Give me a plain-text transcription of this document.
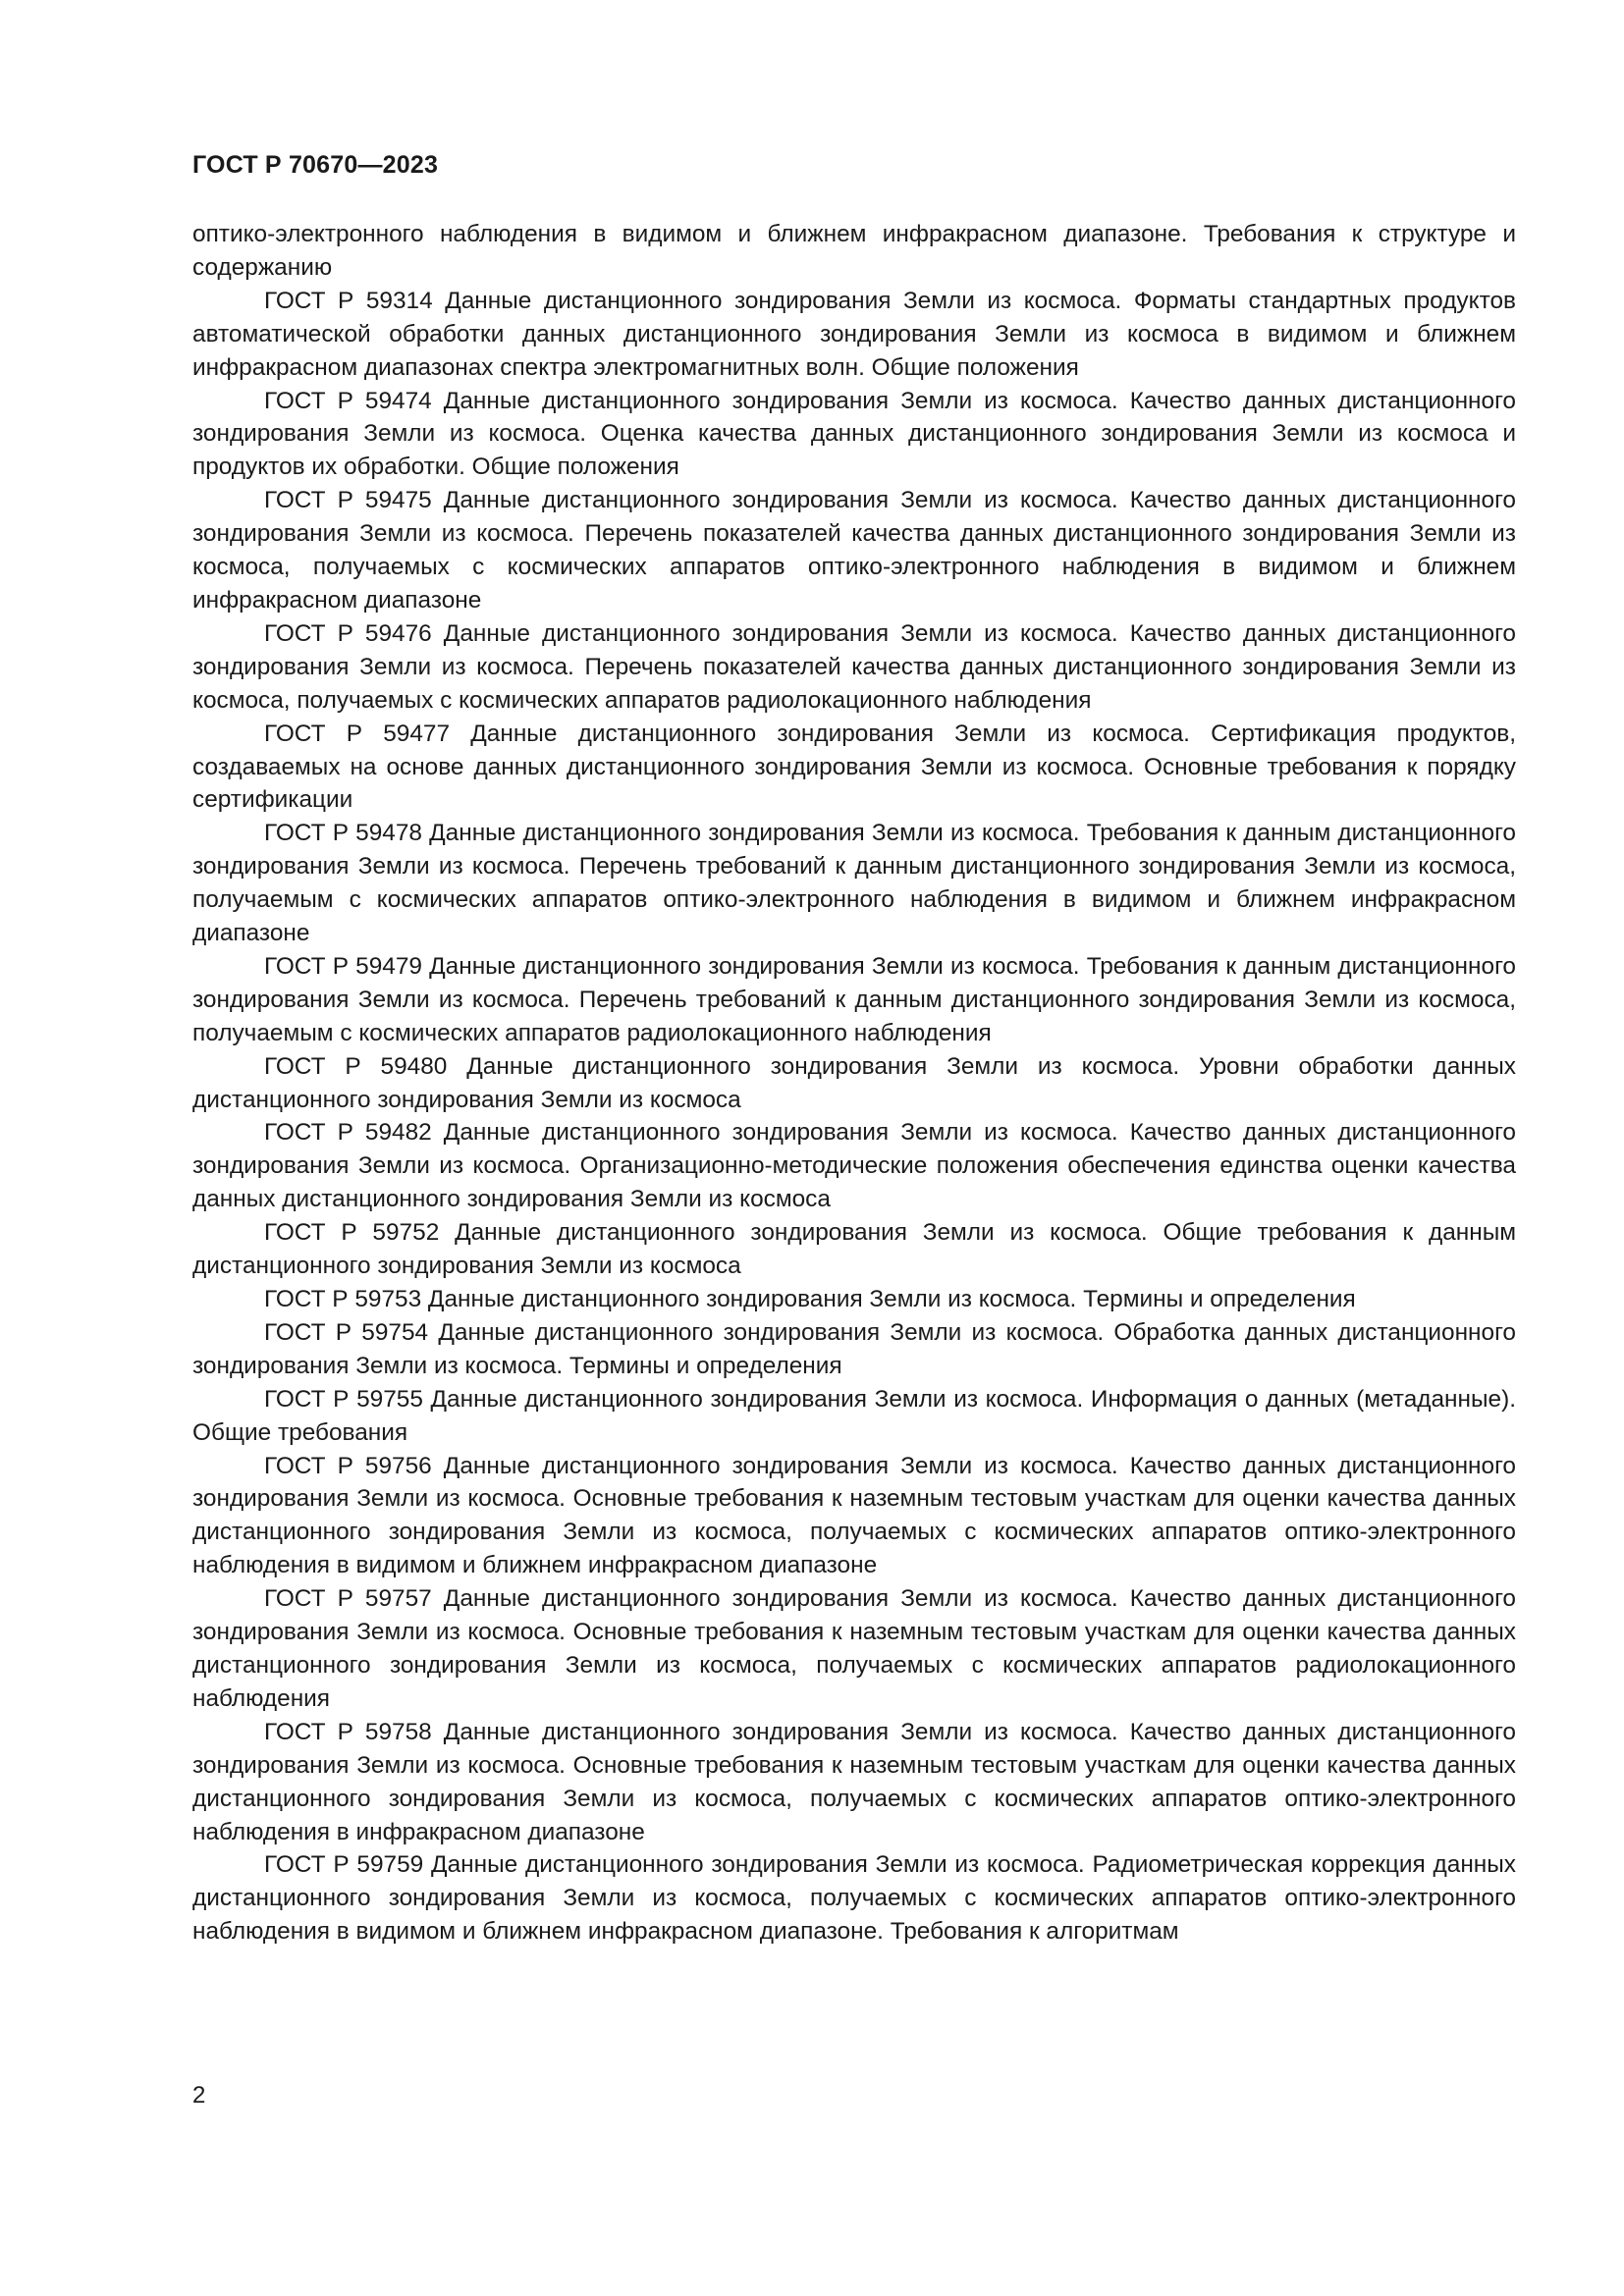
ГОСТ Р 70670—2023

оптико-электронного наблюдения в видимом и ближнем инфракрасном диапазоне. Требования к структуре и содержанию

ГОСТ Р 59314 Данные дистанционного зондирования Земли из космоса. Форматы стандартных продуктов автоматической обработки данных дистанционного зондирования Земли из космоса в видимом и ближнем инфракрасном диапазонах спектра электромагнитных волн. Общие положения

ГОСТ Р 59474 Данные дистанционного зондирования Земли из космоса. Качество данных дистанционного зондирования Земли из космоса. Оценка качества данных дистанционного зондирования Земли из космоса и продуктов их обработки. Общие положения

ГОСТ Р 59475 Данные дистанционного зондирования Земли из космоса. Качество данных дистанционного зондирования Земли из космоса. Перечень показателей качества данных дистанционного зондирования Земли из космоса, получаемых с космических аппаратов оптико-электронного наблюдения в видимом и ближнем инфракрасном диапазоне

ГОСТ Р 59476 Данные дистанционного зондирования Земли из космоса. Качество данных дистанционного зондирования Земли из космоса. Перечень показателей качества данных дистанционного зондирования Земли из космоса, получаемых с космических аппаратов радиолокационного наблюдения

ГОСТ Р 59477 Данные дистанционного зондирования Земли из космоса. Сертификация продуктов, создаваемых на основе данных дистанционного зондирования Земли из космоса. Основные требования к порядку сертификации

ГОСТ Р 59478 Данные дистанционного зондирования Земли из космоса. Требования к данным дистанционного зондирования Земли из космоса. Перечень требований к данным дистанционного зондирования Земли из космоса, получаемым с космических аппаратов оптико-электронного наблюдения в видимом и ближнем инфракрасном диапазоне

ГОСТ Р 59479 Данные дистанционного зондирования Земли из космоса. Требования к данным дистанционного зондирования Земли из космоса. Перечень требований к данным дистанционного зондирования Земли из космоса, получаемым с космических аппаратов радиолокационного наблюдения

ГОСТ Р 59480 Данные дистанционного зондирования Земли из космоса. Уровни обработки данных дистанционного зондирования Земли из космоса

ГОСТ Р 59482 Данные дистанционного зондирования Земли из космоса. Качество данных дистанционного зондирования Земли из космоса. Организационно-методические положения обеспечения единства оценки качества данных дистанционного зондирования Земли из космоса

ГОСТ Р 59752 Данные дистанционного зондирования Земли из космоса. Общие требования к данным дистанционного зондирования Земли из космоса

ГОСТ Р 59753 Данные дистанционного зондирования Земли из космоса. Термины и определения

ГОСТ Р 59754 Данные дистанционного зондирования Земли из космоса. Обработка данных дистанционного зондирования Земли из космоса. Термины и определения

ГОСТ Р 59755 Данные дистанционного зондирования Земли из космоса. Информация о данных (метаданные). Общие требования

ГОСТ Р 59756 Данные дистанционного зондирования Земли из космоса. Качество данных дистанционного зондирования Земли из космоса. Основные требования к наземным тестовым участкам для оценки качества данных дистанционного зондирования Земли из космоса, получаемых с космических аппаратов оптико-электронного наблюдения в видимом и ближнем инфракрасном диапазоне

ГОСТ Р 59757 Данные дистанционного зондирования Земли из космоса. Качество данных дистанционного зондирования Земли из космоса. Основные требования к наземным тестовым участкам для оценки качества данных дистанционного зондирования Земли из космоса, получаемых с космических аппаратов радиолокационного наблюдения

ГОСТ Р 59758 Данные дистанционного зондирования Земли из космоса. Качество данных дистанционного зондирования Земли из космоса. Основные требования к наземным тестовым участкам для оценки качества данных дистанционного зондирования Земли из космоса, получаемых с космических аппаратов оптико-электронного наблюдения в инфракрасном диапазоне

ГОСТ Р 59759 Данные дистанционного зондирования Земли из космоса. Радиометрическая коррекция данных дистанционного зондирования Земли из космоса, получаемых с космических аппаратов оптико-электронного наблюдения в видимом и ближнем инфракрасном диапазоне. Требования к алгоритмам

2
